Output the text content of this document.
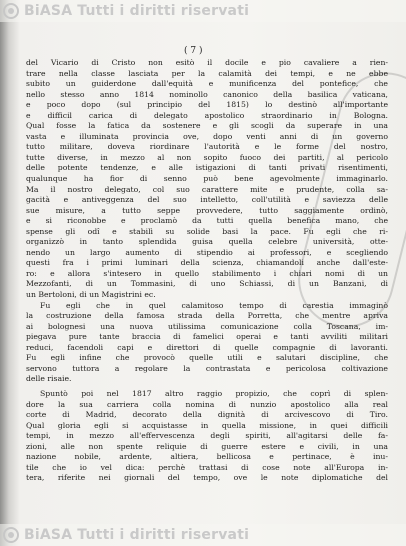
BiASA Tutti i diritti riservati
( 7 )
del Vicario di Cristo non esitò il docile e pio cavaliere a rien-
trare nella classe lasciata per la calamità dei tempi, e ne ebbe
subito un guiderdone dall'equità e munificenza del pontefice, che
nello stesso anno 1814 nominollo canonico della basilica vaticana,
e poco dopo (sul principio del 1815) lo destinò all'importante
e difficil carica di delegato apostolico straordinario in Bologna.
Qual fosse la fatica da sostenere e gli scogli da superare in una
vasta e illuminata provincia ove, dopo venti anni di un governo
tutto militare, doveva riordinare l'autorità e le forme del nostro,
tutte diverse, in mezzo al non sopito fuoco dei partiti, al pericolo
delle potente tendenze, e alle istigazioni di tanti privati risentimenti,
qualunque ha fior di senno può bene agevolmente immaginarlo.
Ma il nostro delegato, col suo carattere mite e prudente, colla sa-
gacità e antiveggenza del suo intelletto, coll'utilità e saviezza delle
sue misure, a tutto seppe provvedere, tutto saggiamente ordinò,
e si riconobbe e proclamò da tutti quella benefica mano, che
spense gli odî e stabilì su solide basi la pace. Fu egli che ri-
organizzò in tanto splendida guisa quella celebre università, otte-
nendo un largo aumento di stipendio ai professori, e scegliendo
questi fra i primi luminari della scienza, chiamandoli anche dall'este-
ro: e allora s'intesero in quello stabilimento i chiari nomi di un
Mezzofanti, di un Tommasini, di uno Schiassi, di un Banzani, di
un Bertoloni, di un Magistrini ec.
Fu egli che in quel calamitoso tempo di carestia immaginò
la costruzione della famosa strada della Porretta, che mentre apriva
ai bolognesi una nuova utilissima comunicazione colla Toscana, im-
piegava pure tante braccia di famelici operai e tanti avviliti militari
reduci, facendoli capi e direttori di quelle compagnie di lavoranti.
Fu egli infine che provocò quelle utili e salutari discipline, che
servono tuttora a regolare la contrastata e pericolosa coltivazione
delle risaie.
Spuntò poi nel 1817 altro raggio propizio, che coprì di splen-
dore la sua carriera colla nomina di nunzio apostolico alla real
corte di Madrid, decorato della dignità di arcivescovo di Tiro.
Qual gloria egli si acquistasse in quella missione, in quei difficili
tempi, in mezzo all'effervescenza degli spiriti, all'agitarsi delle fa-
zioni, alle non spente reliquie di guerre estere e civili, in una
nazione nobile, ardente, altiera, bellicosa e pertinace, è inu-
tile che io vel dica: perchè trattasi di cose note all'Europa in-
tera, riferite nei giornali del tempo, ove le note diplomatiche del
BiASA Tutti i diritti riservati
